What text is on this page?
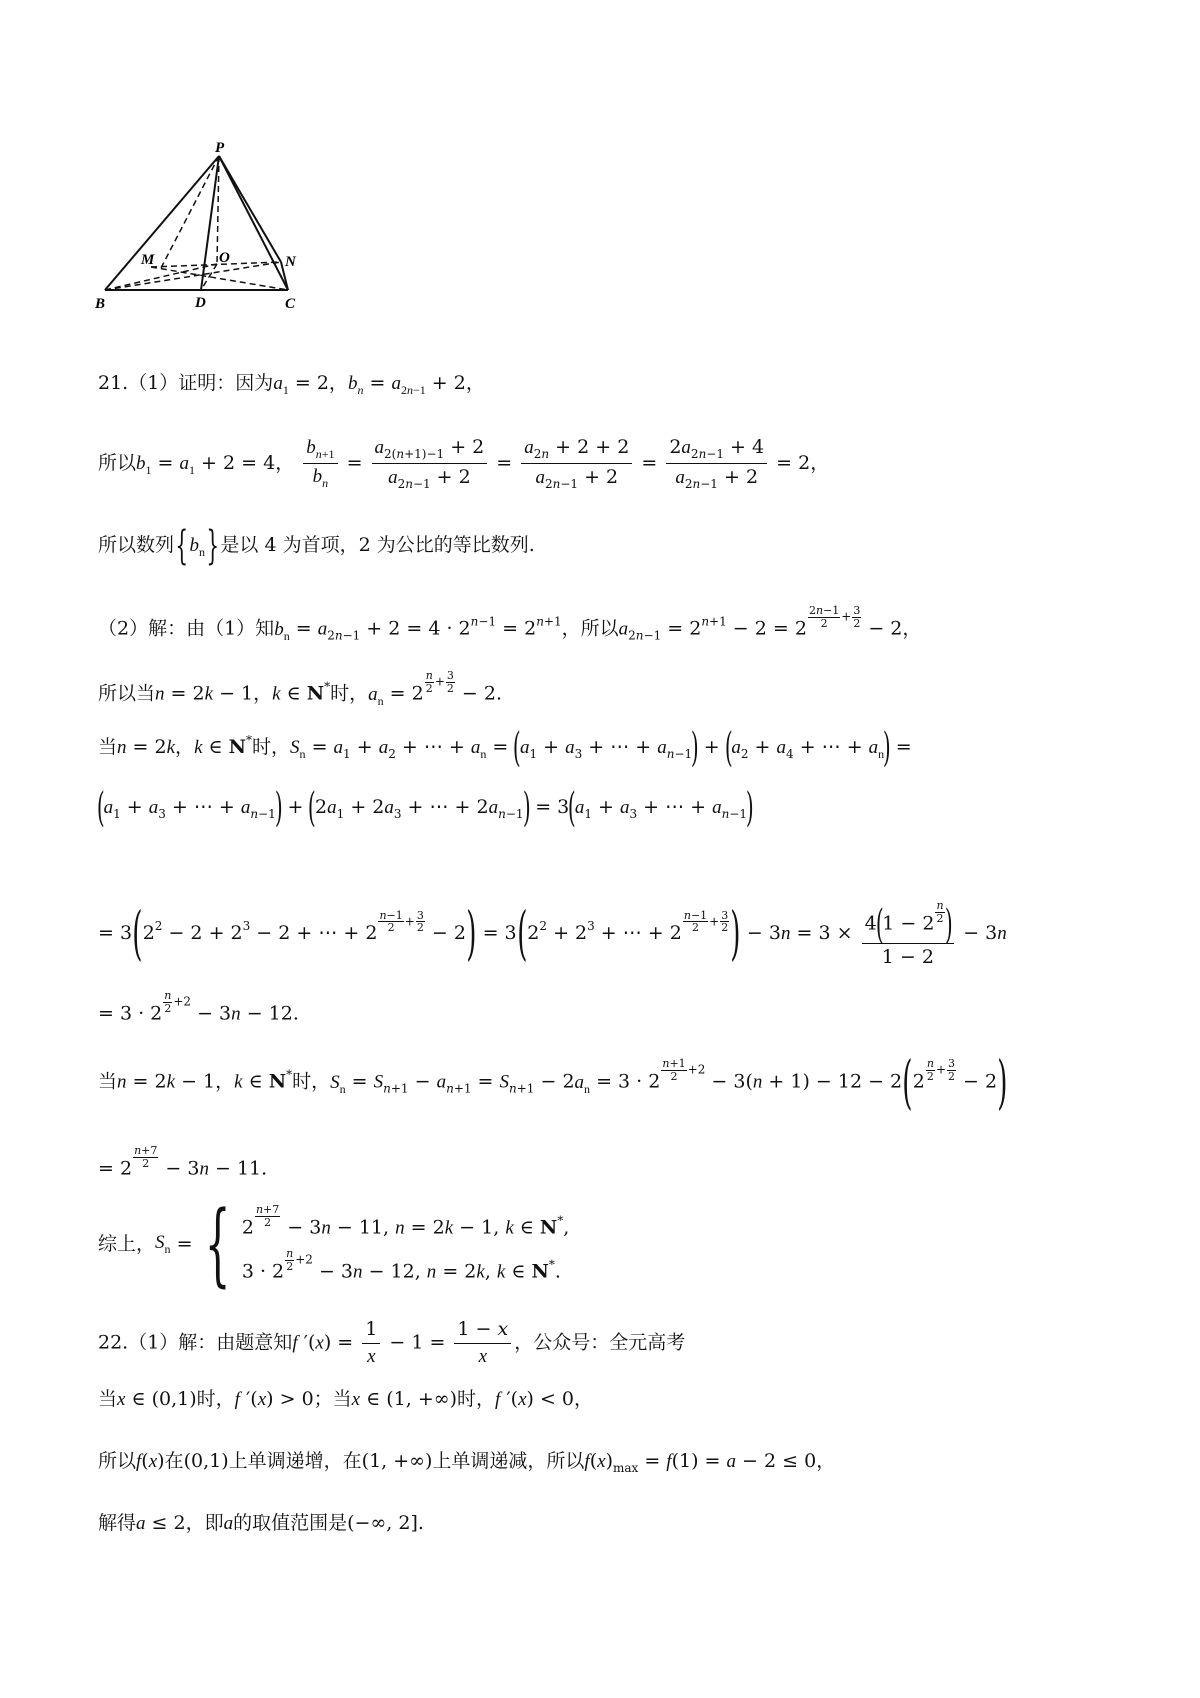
P
M	O	N
B	D	C
21.（1）证明：因为$a_1 = 2$，$b_n = a_{2n-1} + 2$，
所以$b_1 = a_1 + 2 = 4$， $\frac{b_{n+1}}{b_n} = \frac{a_{2(n+1)-1} + 2}{a_{2n-1} + 2} = \frac{a_{2n} + 2 + 2}{a_{2n-1} + 2} = \frac{2a_{2n-1} + 4}{a_{2n-1} + 2} = 2$，
所以数列$\{b_n\}$是以 4 为首项，2 为公比的等比数列.
（2）解：由（1）知$b_n = a_{2n-1} + 2 = 4 \cdot 2^{n-1} = 2^{n+1}$，所以$a_{2n-1} = 2^{n+1} - 2 = 2 \frac{2n-1}{2} + \frac{3}{2} - 2$，
所以当n = 2k − 1，k ∈ N*时，$a_n = 2 \frac{n}{2} + \frac{3}{2} - 2$.
当n = 2k，k ∈ N*时，$S_n = a_1 + a_2$ + ⋯ + $a_n = (a_1 + a_3$ + ⋯ + $a_{n-1}) + (a_2 + a_4$ + ⋯ + $a_n$) =
($a_1 + a_3$ + ⋯ + $a_{n-1}) + (2a_1 + 2a_3$ + ⋯ + $2a_{n-1}) = 3(a_1 + a_3$ + ⋯ + $a_{n-1}$)
= $3(2^2 - 2 + 2^3 - 2$ + ⋯ + $2 \frac{n-1}{2} + \frac{3}{2} - 2) = 3(2^2 + 2^3$ + ⋯ + $2 \frac{n-1}{2} + \frac{3}{2}$ ) − $3n = 3 \times \frac{4(1 - 2 \frac{n}{2} )}{1 - 2} - 3n$
= $3 \cdot 2 \frac{n}{2} +2 - 3n - 12$.
当n = 2k − 1，k ∈ N*时，$S_n = S_{n+1} - a_{n+1} = S_{n+1} - 2a_n = 3 \cdot 2 \frac{n+1}{2} +2 - 3(n + 1) - 12 - 2(2 \frac{n}{2} + \frac{3}{2} - 2)$
= $2 \frac{n+7}{2} - 3n - 11$.
综上，$S_n$ = { $2 \frac{n+7}{2} - 3n - 11$, n = 2k − 1, k ∈ N*,
$3 \cdot 2 \frac{n}{2} +2 - 3n - 12$, n = 2k, k ∈ N*.
22.（1）解：由题意知f $'(x) = \frac{1}{x} - 1 = \frac{1 - x}{x}$ ，公众号：全元高考
当x ∈ (0,1)时，f ′(x) > 0；当x ∈ (1, +∞)时，f ′(x) < 0，
所以f(x)在(0,1)上单调递增，在(1, +∞)上单调递减，所以$f(x)_{max} = f(1) = a - 2 \le 0$，
解得a ≤ 2，即a的取值范围是(−∞, 2].
